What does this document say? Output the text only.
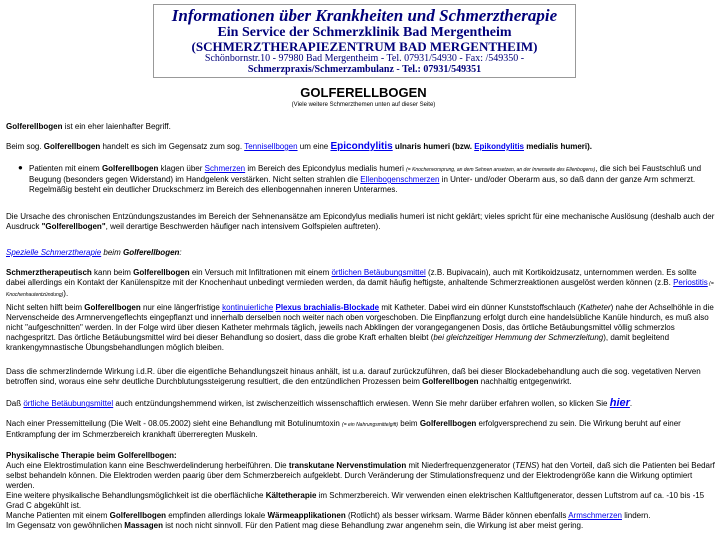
Informationen über Krankheiten und Schmerztherapie
Ein Service der Schmerzklinik Bad Mergentheim
(SCHMERZTHERAPIEZENTRUM BAD MERGENTHEIM)
Schönbornstr.10 - 97980 Bad Mergentheim - Tel. 07931/54930 - Fax: /549350 -
Schmerzpraxis/Schmerzambulanz - Tel.: 07931/549351
GOLFERELLBOGEN
(Viele weitere Schmerzthemen unten auf dieser Seite)

Golferellbogen ist ein eher laienhafter Begriff.

Beim sog. Golferellbogen handelt es sich im Gegensatz zum sog. Tennisellbogen um eine Epicondylitis ulnaris humeri (bzw. Epikondylitis medialis humeri).

● Patienten mit einem Golferellbogen klagen über Schmerzen im Bereich des Epicondylus medialis humeri (= Knochenvorsprung, an dem Sehnen ansetzen, an der Innenseite des Ellenbogens), die sich bei Faustschluß und Beugung (besonders gegen Widerstand) im Handgelenk verstärken. Nicht selten strahlen die Ellenbogenschmerzen in Unter- und/oder Oberarm aus, so daß dann der ganze Arm schmerzt. Regelmäßig besteht ein deutlicher Druckschmerz im Bereich des ellenbogennahen inneren Unterarmes.

Die Ursache des chronischen Entzündungszustandes im Bereich der Sehnenansätze am Epicondylus medialis humeri ist nicht geklärt; vieles spricht für eine mechanische Auslösung (deshalb auch der Ausdruck "Golferellbogen", weil derartige Beschwerden häufiger nach intensivem Golfspielen auftreten).

Spezielle Schmerztherapie beim Golferellbogen:

Schmerztherapeutisch kann beim Golferellbogen ein Versuch mit Infiltrationen mit einem örtlichen Betäubungsmittel (z.B. Bupivacain), auch mit Kortikoidzusatz, unternommen werden. Es sollte dabei allerdings ein Kontakt der Kanülenspitze mit der Knochenhaut unbedingt vermieden werden, da damit häufig heftigste, anhaltende Schmerzreaktionen ausgelöst werden können (z.B. Periostitis (= Knochenhautentzündung)).

Nicht selten hilft beim Golferellbogen nur eine längerfristige kontinuierliche Plexus brachialis-Blockade mit Katheter. Dabei wird ein dünner Kunststoffschlauch (Katheter) nahe der Achselhöhle in die Nervenscheide des Armnervengeflechts eingepflanzt und innerhalb derselben noch weiter nach oben vorgeschoben. Die Einpflanzung erfolgt durch eine handelsübliche Kanüle hindurch, es muß also nicht "aufgeschnitten" werden. In der Folge wird über diesen Katheter mehrmals täglich, jeweils nach Abklingen der vorangegangenen Dosis, das örtliche Betäubungsmittel völlig schmerzlos nachgespritzt. Das örtliche Betäubungsmittel wird bei dieser Behandlung so dosiert, dass die grobe Kraft erhalten bleibt (bei gleichzeitiger Hemmung der Schmerzleitung), damit begleitend krankengymnastische Übungsbehandlungen möglich bleiben.

Dass die schmerzlindernde Wirkung i.d.R. über die eigentliche Behandlungszeit hinaus anhält, ist u.a. darauf zurückzuführen, daß bei dieser Blockadebehandlung auch die sog. vegetativen Nerven betroffen sind, woraus eine sehr deutliche Durchblutungssteigerung resultiert, die den entzündlichen Prozessen beim Golferellbogen nachhaltig entgegenwirkt.

Daß örtliche Betäubungsmittel auch entzündungshemmend wirken, ist zwischenzeitlich wissenschaftlich erwiesen. Wenn Sie mehr darüber erfahren wollen, so klicken Sie hier.

Nach einer Pressemitteilung (Die Welt - 08.05.2002) sieht eine Behandlung mit Botulinumtoxin (= ein Nahrungsmittelgift) beim Golferellbogen erfolgversprechend zu sein. Die Wirkung beruht auf einer Entkrampfung der im Schmerzbereich krankhaft überreregten Muskeln.

Physikalische Therapie beim Golferellbogen:

Auch eine Elektrostimulation kann eine Beschwerdelinderung herbeiführen. Die transkutane Nervenstimulation mit Niederfrequenzgenerator (TENS) hat den Vorteil, daß sich die Patienten bei Bedarf selbst behandeln können. Die Elektroden werden paarig über dem Schmerzbereich aufgeklebt. Durch Veränderung der Stimulationsfrequenz und der Elektrodengröße kann die Wirkung optimiert werden.

Eine weitere physikalische Behandlungsmöglichkeit ist die oberflächliche Kältetherapie im Schmerzbereich. Wir verwenden einen elektrischen Kaltluftgenerator, dessen Luftstrom auf ca. -10 bis -15 Grad C abgekühlt ist.

Manche Patienten mit einem Golferellbogen empfinden allerdings lokale Wärmeapplikationen (Rotlicht) als besser wirksam. Warme Bäder können ebenfalls Armschmerzen lindern.

Im Gegensatz von gewöhnlichen Massagen ist noch nicht sinnvoll. Für den Patient mag diese Behandlung zwar angenehm sein, die Wirkung ist aber meist gering.
